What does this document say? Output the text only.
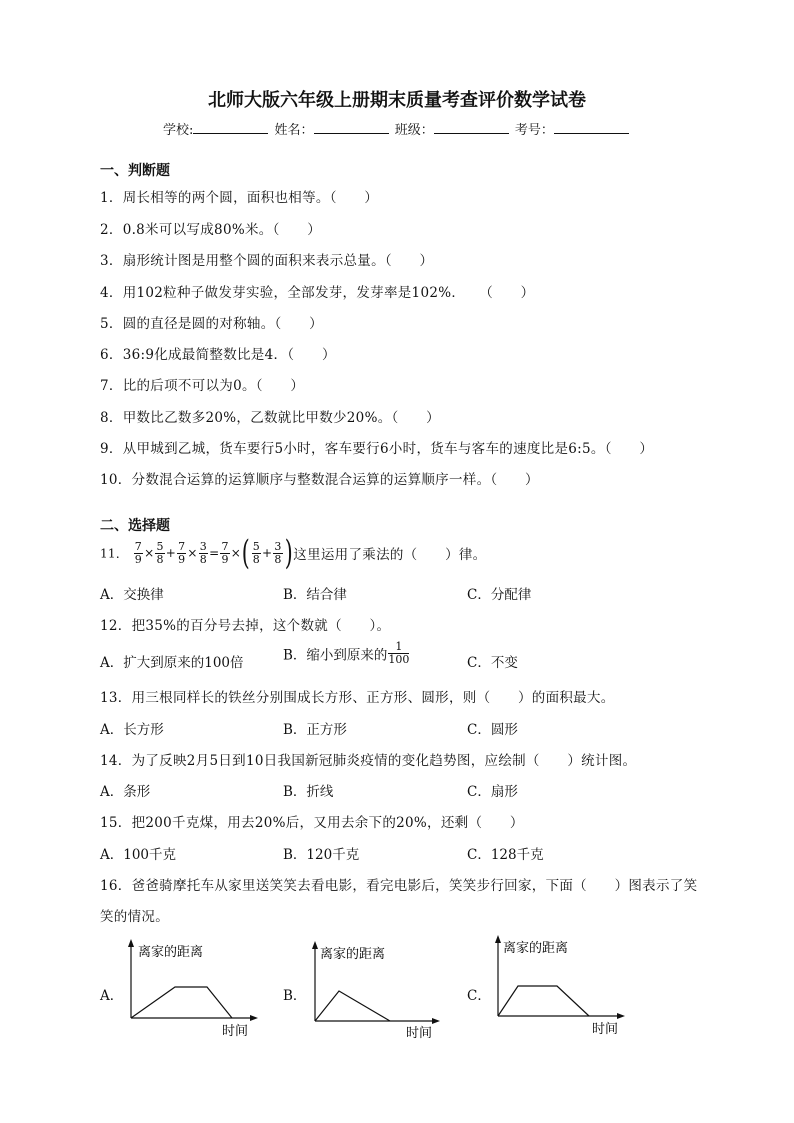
北师大版六年级上册期末质量考查评价数学试卷
学校:	姓名：	班级：	考号：
一、判断题
1．周长相等的两个圆，面积也相等。（　　）
2．0.8米可以写成80%米。（　　）
3．扇形统计图是用整个圆的面积来表示总量。（　　）
4．用102粒种子做发芽实验，全部发芽，发芽率是102%．　　（　　）
5．圆的直径是圆的对称轴。（　　）
6．36:9化成最简整数比是4．（　　）
7．比的后项不可以为0。（　　）
8．甲数比乙数多20%，乙数就比甲数少20%。（　　）
9．从甲城到乙城，货车要行5小时，客车要行6小时，货车与客车的速度比是6:5。（　　）
10．分数混合运算的运算顺序与整数混合运算的运算顺序一样。（　　）
二、选择题
11． $\frac{7}{9} \times \frac{5}{8} + \frac{7}{9} \times \frac{3}{8} = \frac{7}{9}$ ×( $\frac{5}{8} + \frac{3}{8}$ )这里运用了乘法的（　　）律。
A．交换律	B．结合律	C．分配律
12．把35%的百分号去掉，这个数就（　　）。
A．扩大到原来的100倍	B．缩小到原来的 $\frac{1}{100}$	C．不变
13．用三根同样长的铁丝分别围成长方形、正方形、圆形，则（　　）的面积最大。
A．长方形	B．正方形	C．圆形
14．为了反映2月5日到10日我国新冠肺炎疫情的变化趋势图，应绘制（　　）统计图。
A．条形	B．折线	C．扇形
15．把200千克煤，用去20%后，又用去余下的20%，还剩（　　）
A．100千克	B．120千克	C．128千克
16．爸爸骑摩托车从家里送笑笑去看电影，看完电影后，笑笑步行回家，下面（　　）图表示了笑
笑的情况。
A．
离家的距离
时间
B．
离家的距离
时间
C．
离家的距离
时间
